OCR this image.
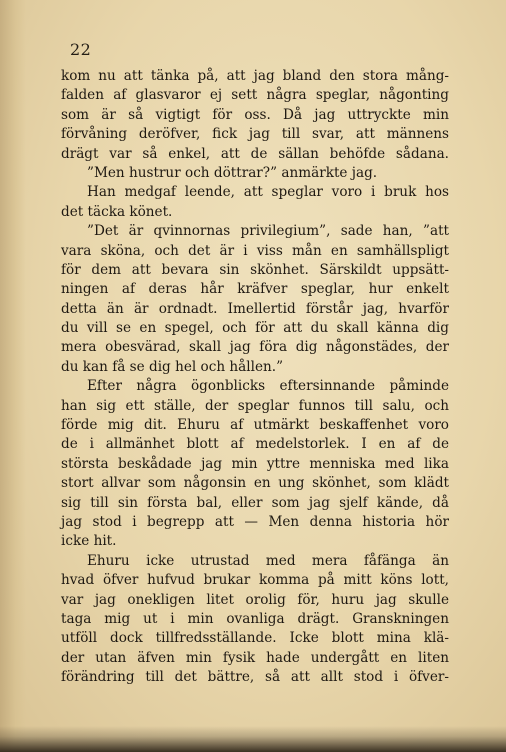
22
kom nu att tänka på, att jag bland den stora mång-
falden af glasvaror ej sett några speglar, någonting
som är så vigtigt för oss. Då jag uttryckte min
förvåning deröfver, fick jag till svar, att männens
drägt var så enkel, att de sällan behöfde sådana.
”Men hustrur och döttrar?” anmärkte jag.
Han medgaf leende, att speglar voro i bruk hos
det täcka könet.
”Det är qvinnornas privilegium”, sade han, ”att
vara sköna, och det är i viss mån en samhällspligt
för dem att bevara sin skönhet. Särskildt uppsätt-
ningen af deras hår kräfver speglar, hur enkelt
detta än är ordnadt. Imellertid förstår jag, hvarför
du vill se en spegel, och för att du skall känna dig
mera obesvärad, skall jag föra dig någonstädes, der
du kan få se dig hel och hållen.”
Efter några ögonblicks eftersinnande påminde
han sig ett ställe, der speglar funnos till salu, och
förde mig dit. Ehuru af utmärkt beskaffenhet voro
de i allmänhet blott af medelstorlek. I en af de
största beskådade jag min yttre menniska med lika
stort allvar som någonsin en ung skönhet, som klädt
sig till sin första bal, eller som jag sjelf kände, då
jag stod i begrepp att — Men denna historia hör
icke hit.
Ehuru icke utrustad med mera fåfänga än
hvad öfver hufvud brukar komma på mitt köns lott,
var jag onekligen litet orolig för, huru jag skulle
taga mig ut i min ovanliga drägt. Granskningen
utföll dock tillfredsställande. Icke blott mina klä-
der utan äfven min fysik hade undergått en liten
förändring till det bättre, så att allt stod i öfver-
